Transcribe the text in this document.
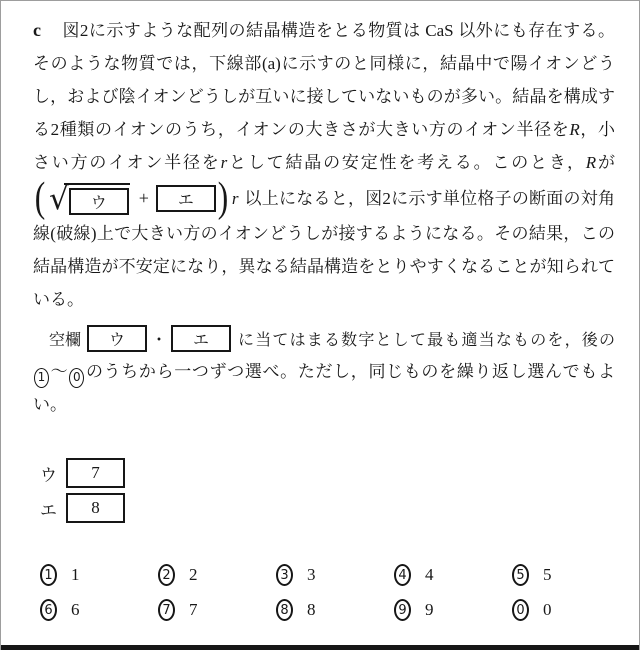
c 図2に示すような配列の結晶構造をとる物質は CaS 以外にも存在する。
そのような物質では，下線部(a)に示すのと同様に，結晶中で陽イオンどう
し，および陰イオンどうしが互いに接していないものが多い。結晶を構成す
る2種類のイオンのうち，イオンの大きさが大きい方のイオン半径をR，小
さい方のイオン半径をrとして結晶の安定性を考える。このとき，Rが
( √	ウ	+	エ ) r 以上になると，図2に示す単位格子の断面の対角
線(破線)上で大きい方のイオンどうしが接するようになる。その結果，この
結晶構造が不安定になり，異なる結晶構造をとりやすくなることが知られて
いる。
空欄	ウ	・	エ	に当てはまる数字として最も適当なものを，後の
1 ～ 0 のうちから一つずつ選べ。ただし，同じものを繰り返し選んでもよ
い。
ウ	7
エ	8
1 1	2 2	3 3	4 4	5 5
6 6	7 7	8 8	9 9	0 0
